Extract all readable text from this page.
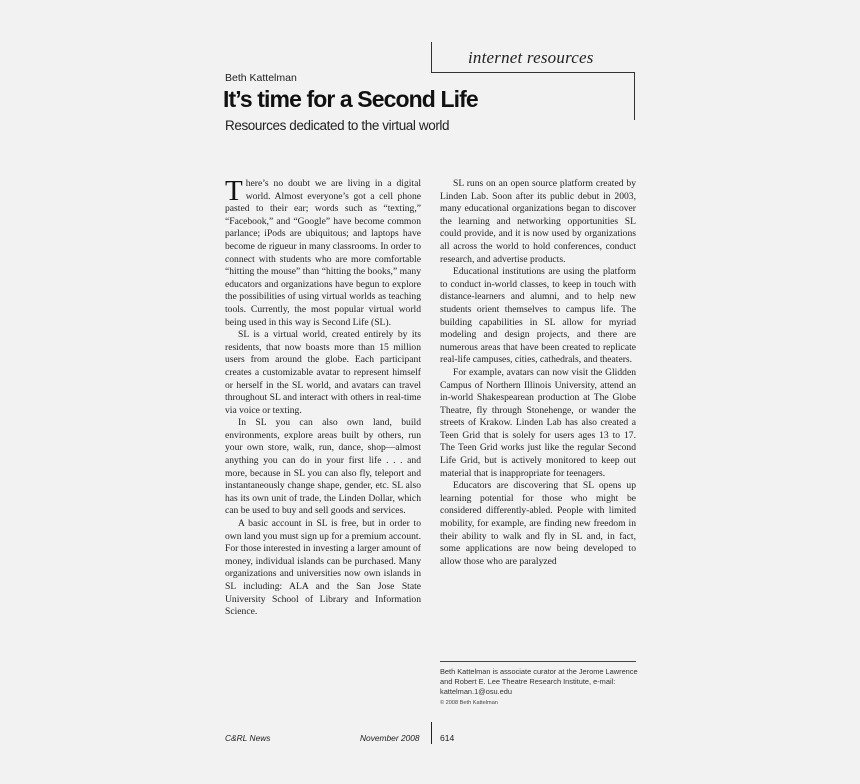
internet resources
Beth Kattelman
It’s time for a Second Life
Resources dedicated to the virtual world

There’s no doubt we are living in a digital world. Almost everyone’s got a cell phone pasted to their ear; words such as “texting,” “Facebook,” and “Google” have become common parlance; iPods are ubiquitous; and laptops have become de rigueur in many classrooms. In order to connect with students who are more comfortable “hitting the mouse” than “hitting the books,” many educators and organizations have begun to explore the possibilities of using virtual worlds as teaching tools. Currently, the most popular virtual world being used in this way is Second Life (SL).

SL is a virtual world, created entirely by its residents, that now boasts more than 15 million users from around the globe. Each participant creates a customizable avatar to represent himself or herself in the SL world, and avatars can travel throughout SL and interact with others in real-time via voice or texting.

In SL you can also own land, build environments, explore areas built by others, run your own store, walk, run, dance, shop—almost anything you can do in your first life . . . and more, because in SL you can also fly, teleport and instantaneously change shape, gender, etc. SL also has its own unit of trade, the Linden Dollar, which can be used to buy and sell goods and services.

A basic account in SL is free, but in order to own land you must sign up for a premium account. For those interested in investing a larger amount of money, individual islands can be purchased. Many organizations and universities now own islands in SL including: ALA and the San Jose State University School of Library and Information Science.

SL runs on an open source platform created by Linden Lab. Soon after its public debut in 2003, many educational organizations began to discover the learning and networking opportunities SL could provide, and it is now used by organizations all across the world to hold conferences, conduct research, and advertise products.

Educational institutions are using the platform to conduct in-world classes, to keep in touch with distance-learners and alumni, and to help new students orient themselves to campus life. The building capabilities in SL allow for myriad modeling and design projects, and there are numerous areas that have been created to replicate real-life campuses, cities, cathedrals, and theaters.

For example, avatars can now visit the Glidden Campus of Northern Illinois University, attend an in-world Shakespearean production at The Globe Theatre, fly through Stonehenge, or wander the streets of Krakow. Linden Lab has also created a Teen Grid that is solely for users ages 13 to 17. The Teen Grid works just like the regular Second Life Grid, but is actively monitored to keep out material that is inappropriate for teenagers.

Educators are discovering that SL opens up learning potential for those who might be considered differently-abled. People with limited mobility, for example, are finding new freedom in their ability to walk and fly in SL and, in fact, some applications are now being developed to allow those who are paralyzed

Beth Kattelman is associate curator at the Jerome Lawrence and Robert E. Lee Theatre Research Institute, e-mail: kattelman.1@osu.edu
© 2008 Beth Kattelman
C&RL News	November 2008 614
